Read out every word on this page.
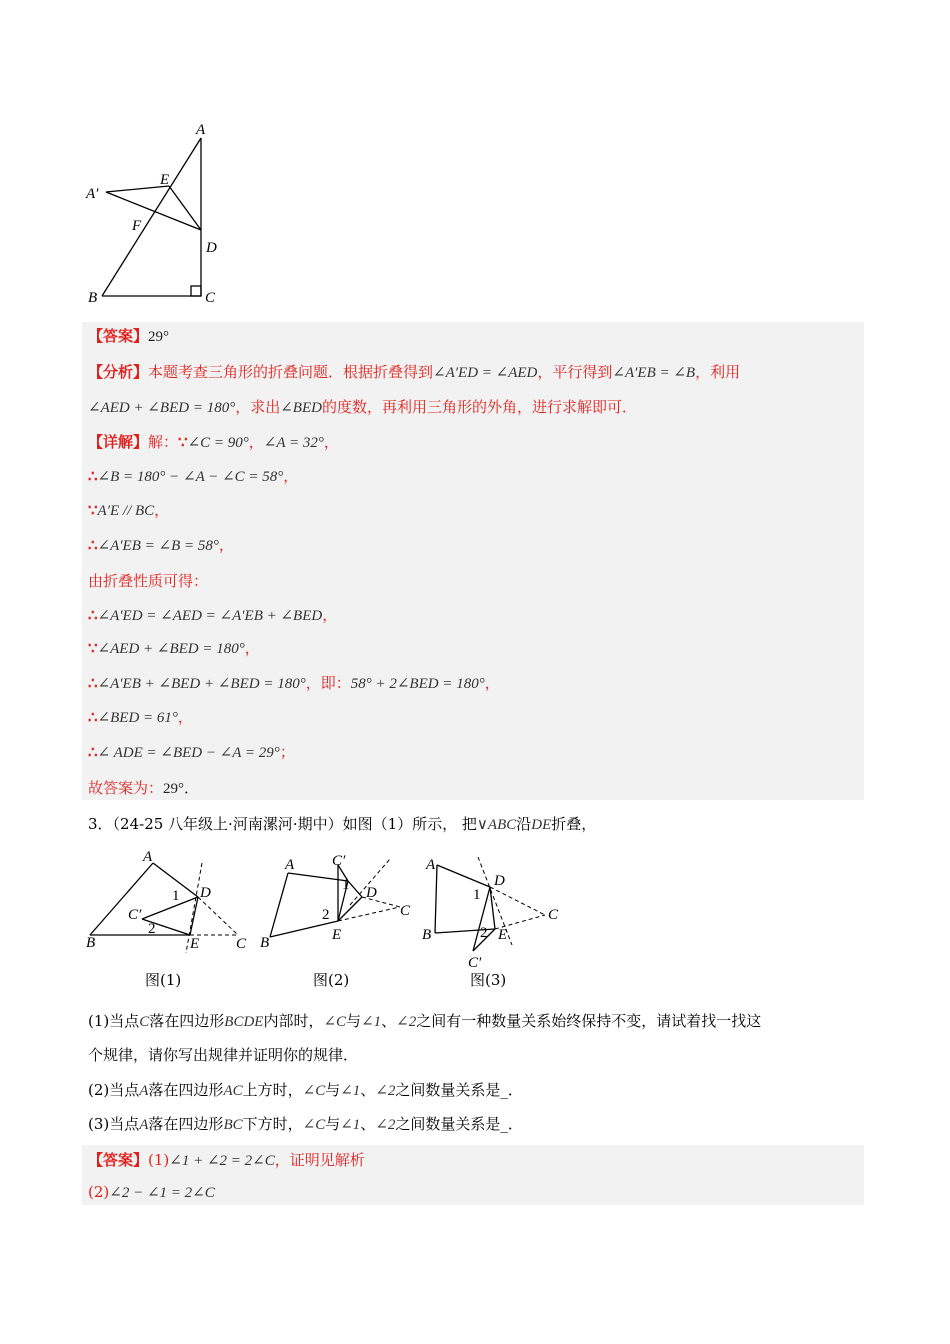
A
A′
E
F
D
B	C
【答案】29°
【分析】本题考查三角形的折叠问题．根据折叠得到∠A′ED = ∠AED，平行得到∠A′EB = ∠B，利用
∠AED + ∠BED = 180°，求出∠BED的度数，再利用三角形的外角，进行求解即可．
【详解】解：∵∠C = 90°，∠A = 32°，
∴∠B = 180° − ∠A − ∠C = 58°，
∵A′E // BC，
∴∠A′EB = ∠B = 58°，
由折叠性质可得：
∴∠A′ED = ∠AED = ∠A′EB + ∠BED，
∵∠AED + ∠BED = 180°，
∴∠A′EB + ∠BED + ∠BED = 180°，即：58° + 2∠BED = 180°，
∴∠BED = 61°，
∴∠ ADE = ∠BED − ∠A = 29°；
故答案为：29°．
3．（24-25 八年级上·河南漯河·期中）如图（1）所示， 把∨ABC沿DE折叠，
A
B
D
C′
1
2
E C
A
B
C′
D
1
2
E
C
A
B
D
1
2 E
C′
C
图(1)	图(2)	图(3)
(1)当点C落在四边形BCDE内部时，∠C与∠1、∠2之间有一种数量关系始终保持不变，请试着找一找这
个规律，请你写出规律并证明你的规律．
(2)当点A落在四边形AC上方时，∠C与∠1、∠2之间数量关系是_．
(3)当点A落在四边形BC下方时，∠C与∠1、∠2之间数量关系是_．
【答案】(1)∠1 + ∠2 = 2∠C，证明见解析
(2)∠2 − ∠1 = 2∠C
